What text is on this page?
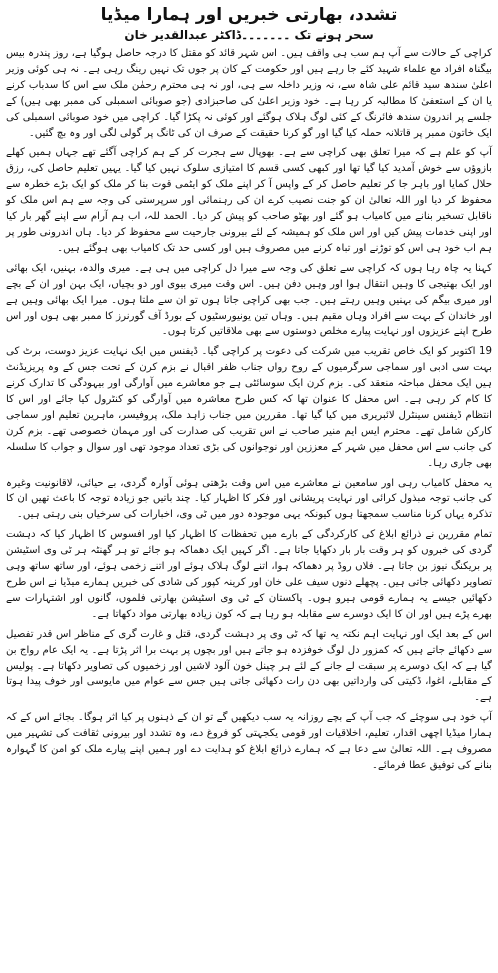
تشدد، بھارتی خبریں اور ہمارا میڈیا
سحر ہونے تک ۔۔۔۔۔۔۔ڈاکٹر عبدالقدیر خان

کراچی کے حالات سے آپ ہم سب ہی واقف ہیں۔ اس شہر قائد کو مقتل کا درجہ حاصل ہوگیا ہے، روز پندرہ بیس بیگناہ افراد مع علماء شہید کئے جا رہے ہیں اور حکومت کے کان پر جوں تک نہیں رینگ رہی ہے۔ نہ ہی کوئی وزیر اعلیٰ سندھ سید قائم علی شاہ سے، نہ وزیر داخلہ سے ہی، اور نہ ہی محترم رحمٰن ملک سے اس کا سدباب کرنے یا ان کے استعفیٰ کا مطالبہ کر رہا ہے۔ خود وزیر اعلیٰ کی صاحبزادی (جو صوبائی اسمبلی کی ممبر بھی ہیں) کے جلسے پر اندرون سندھ فائرنگ کے کئی لوگ ہلاک ہوگئے اور کوئی نہ پکڑا گیا۔ کراچی میں خود صوبائی اسمبلی کی ایک خاتون ممبر پر قاتلانہ حملہ کیا گیا اور گو کرنا حقیقت کے صرف ان کی ٹانگ پر گولی لگی اور وہ بچ گئیں۔

آپ کو علم ہے کہ میرا تعلق بھی کراچی سے ہے۔ بھوپال سے ہجرت کر کے ہم کراچی آگئے تھے جہاں ہمیں کھلے بازوؤں سے خوش آمدید کیا گیا تھا اور کبھی کسی قسم کا امتیازی سلوک نہیں کیا گیا۔ یہیں تعلیم حاصل کی، رزق حلال کمایا اور باہر جا کر تعلیم حاصل کر کے واپس آ کر اپنے ملک کو ایٹمی قوت بنا کر ملک کو ایک بڑے خطرہ سے محفوظ کر دیا اور اللہ تعالیٰ ان کو جنت نصیب کرے ان کی رہنمائی اور سرپرستی کی وجہ سے ہم اس ملک کو ناقابل تسخیر بنانے میں کامیاب ہو گئے اور بھٹو صاحب کو پیش کر دیا۔ الحمد للہ، اب ہم آرام سے اپنے گھر بار کیا اور اپنی خدمات پیش کیں اور اس ملک کو ہمیشہ کے لئے بیرونی جارحیت سے محفوظ کر دیا۔ ہاں اندرونی طور پر ہم اب خود ہی اس کو توڑنے اور تباہ کرنے میں مصروف ہیں اور کسی حد تک کامیاب بھی ہوگئے ہیں۔

کہنا یہ چاہ رہا ہوں کہ کراچی سے تعلق کی وجہ سے میرا دل کراچی میں ہی ہے۔ میری والدہ، بہنیں، ایک بھائی اور ایک بھتیجی کا وہیں انتقال ہوا اور وہیں دفن ہیں۔ اس وقت میری بیوی اور دو بچیاں، ایک بہن اور ان کے بچے اور میری بیگم کی بہنیں وہیں رہتے ہیں۔ جب بھی کراچی جاتا ہوں تو ان سے ملتا ہوں۔ میرا ایک بھائی وہیں ہے اور خاندان کے بہت سے افراد وہاں مقیم ہیں۔ وہاں تین یونیورسٹیوں کے بورڈ آف گورنرز کا ممبر بھی ہوں اور اس طرح اپنے عزیزوں اور نہایت پیارے مخلص دوستوں سے بھی ملاقاتیں کرتا ہوں۔

19 اکتوبر کو ایک خاص تقریب میں شرکت کی دعوت پر کراچی گیا۔ ڈیفنس میں ایک نہایت عزیز دوست، برٹ کی بہت سی ادبی اور سماجی سرگرمیوں کے روح رواں جناب ظفر اقبال نے بزم کرن کے تحت جس کے وہ پریزیڈنٹ ہیں ایک محفل مباحثہ منعقد کی۔ بزم کرن ایک سوسائٹی ہے جو معاشرے میں آوارگی اور بیہودگی کا تدارک کرنے کا کام کر رہی ہے۔ اس محفل کا عنوان تھا کہ کس طرح معاشرہ میں آوارگی کو کنٹرول کیا جائے اور اس کا انتظام ڈیفنس سینٹرل لائبریری میں کیا گیا تھا۔ مقررین میں جناب زاہد ملک، پروفیسر، ماہرین تعلیم اور سماجی کارکن شامل تھے۔ محترم ایس ایم منیر صاحب نے اس تقریب کی صدارت کی اور مہمان خصوصی تھے۔ بزم کرن کی جانب سے اس محفل میں شہر کے معززین اور نوجوانوں کی بڑی تعداد موجود تھی اور سوال و جواب کا سلسلہ بھی جاری رہا۔

یہ محفل کامیاب رہی اور سامعین نے معاشرے میں اس وقت بڑھتی ہوئی آوارہ گردی، بے حیائی، لاقانونیت وغیرہ کی جانب توجہ مبذول کرائی اور نہایت پریشانی اور فکر کا اظہار کیا۔ چند باتیں جو زیادہ توجہ کا باعث تھیں ان کا تذکرہ یہاں کرنا مناسب سمجھتا ہوں کیونکہ یہی موجودہ دور میں ٹی وی، اخبارات کی سرخیاں بنی رہتی ہیں۔

تمام مقررین نے ذرائع ابلاغ کی کارکردگی کے بارے میں تحفظات کا اظہار کیا اور افسوس کا اظہار کیا کہ دہشت گردی کی خبروں کو ہر وقت بار بار دکھایا جاتا ہے۔ اگر کہیں ایک دھماکہ ہو جائے تو ہر گھنٹہ ہر ٹی وی اسٹیشن پر بریکنگ نیوز بن جاتا ہے۔ فلاں روڈ پر دھماکہ ہوا، اتنے لوگ ہلاک ہوئے اور اتنے زخمی ہوئے، اور ساتھ ساتھ وہی تصاویر دکھائی جاتی ہیں۔ پچھلے دنوں سیف علی خان اور کرینہ کپور کی شادی کی خبریں ہمارے میڈیا نے اس طرح دکھائیں جیسے یہ ہمارے قومی ہیرو ہوں۔ پاکستان کے ٹی وی اسٹیشن بھارتی فلموں، گانوں اور اشتہارات سے بھرے پڑے ہیں اور ان کا ایک دوسرے سے مقابلہ ہو رہا ہے کہ کون زیادہ بھارتی مواد دکھاتا ہے۔

اس کے بعد ایک اور نہایت اہم نکتہ یہ تھا کہ ٹی وی پر دہشت گردی، قتل و غارت گری کے مناظر اس قدر تفصیل سے دکھائے جاتے ہیں کہ کمزور دل لوگ خوفزدہ ہو جاتے ہیں اور بچوں پر بہت برا اثر پڑتا ہے۔ یہ ایک عام رواج بن گیا ہے کہ ایک دوسرے پر سبقت لے جانے کے لئے ہر چینل خون آلود لاشیں اور زخمیوں کی تصاویر دکھاتا ہے۔ پولیس کے مقابلے، اغوا، ڈکیتی کی وارداتیں بھی دن رات دکھائی جاتی ہیں جس سے عوام میں مایوسی اور خوف پیدا ہوتا ہے۔

آپ خود ہی سوچئے کہ جب آپ کے بچے روزانہ یہ سب دیکھیں گے تو ان کے ذہنوں پر کیا اثر ہوگا۔ بجائے اس کے کہ ہمارا میڈیا اچھی اقدار، تعلیم، اخلاقیات اور قومی یکجہتی کو فروغ دے، وہ تشدد اور بیرونی ثقافت کی تشہیر میں مصروف ہے۔ اللہ تعالیٰ سے دعا ہے کہ ہمارے ذرائع ابلاغ کو ہدایت دے اور ہمیں اپنے پیارے ملک کو امن کا گہوارہ بنانے کی توفیق عطا فرمائے۔
